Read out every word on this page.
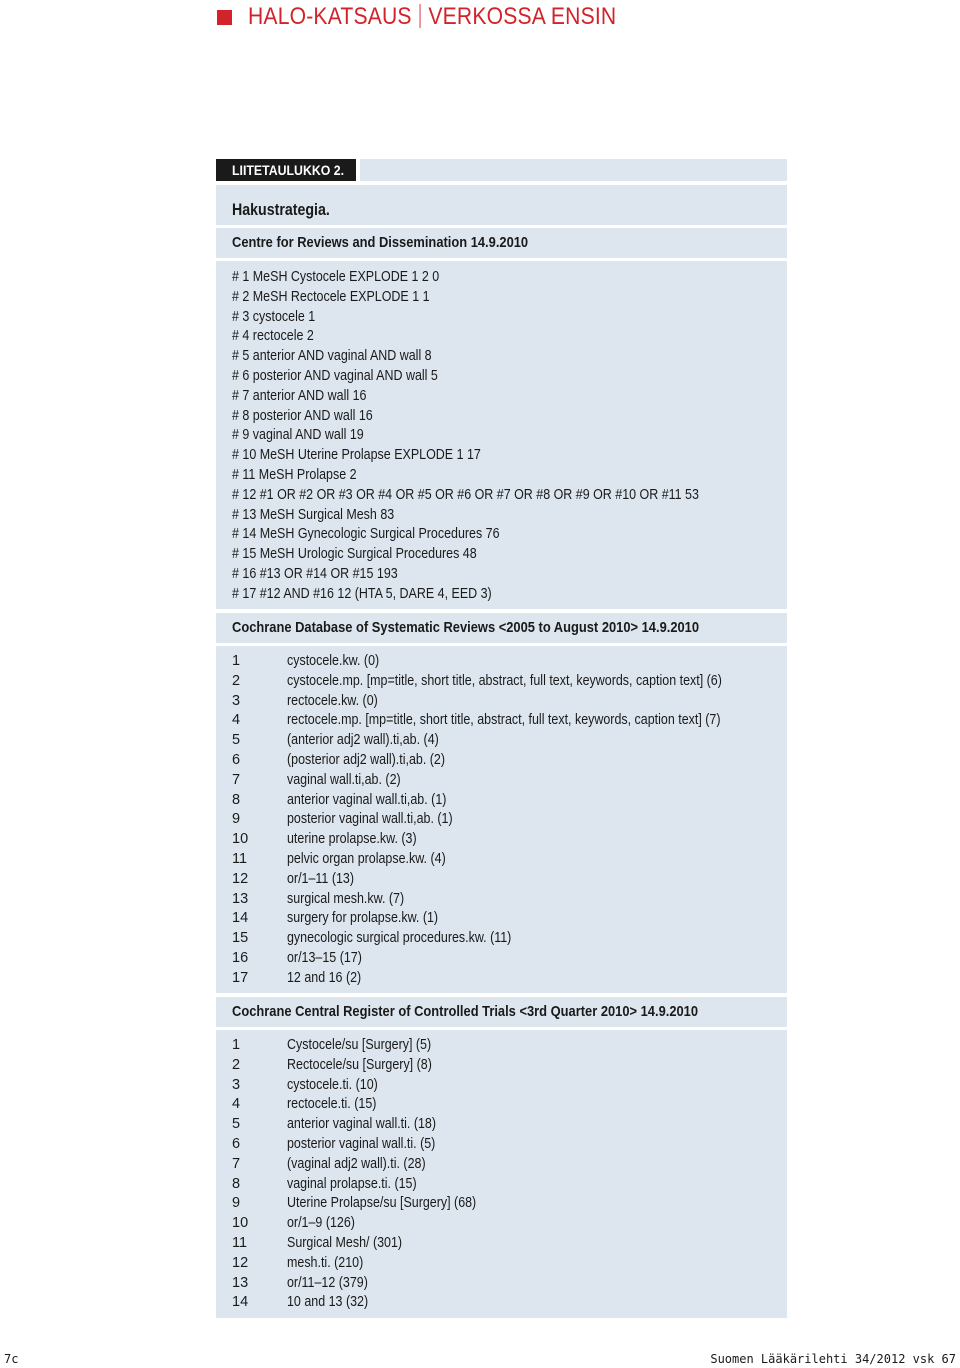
HALO-KATSAUS VERKOSSA ENSIN
LIITETAULUKKO 2.
Hakustrategia.
Centre for Reviews and Dissemination 14.9.2010
# 1 MeSH Cystocele EXPLODE 1 2 0
# 2 MeSH Rectocele EXPLODE 1 1
# 3 cystocele 1
# 4 rectocele 2
# 5 anterior AND vaginal AND wall 8
# 6 posterior AND vaginal AND wall 5
# 7 anterior AND wall 16
# 8 posterior AND wall 16
# 9 vaginal AND wall 19
# 10 MeSH Uterine Prolapse EXPLODE 1 17
# 11 MeSH Prolapse 2
# 12 #1 OR #2 OR #3 OR #4 OR #5 OR #6 OR #7 OR #8 OR #9 OR #10 OR #11 53
# 13 MeSH Surgical Mesh 83
# 14 MeSH Gynecologic Surgical Procedures 76
# 15 MeSH Urologic Surgical Procedures 48
# 16 #13 OR #14 OR #15 193
# 17 #12 AND #16 12 (HTA 5, DARE 4, EED 3)
Cochrane Database of Systematic Reviews <2005 to August 2010> 14.9.2010
1	cystocele.kw. (0)
2	cystocele.mp. [mp=title, short title, abstract, full text, keywords, caption text] (6)
3	rectocele.kw. (0)
4	rectocele.mp. [mp=title, short title, abstract, full text, keywords, caption text] (7)
5	(anterior adj2 wall).ti,ab. (4)
6	(posterior adj2 wall).ti,ab. (2)
7	vaginal wall.ti,ab. (2)
8	anterior vaginal wall.ti,ab. (1)
9	posterior vaginal wall.ti,ab. (1)
10	uterine prolapse.kw. (3)
11	pelvic organ prolapse.kw. (4)
12	or/1–11 (13)
13	surgical mesh.kw. (7)
14	surgery for prolapse.kw. (1)
15	gynecologic surgical procedures.kw. (11)
16	or/13–15 (17)
17	12 and 16 (2)
Cochrane Central Register of Controlled Trials <3rd Quarter 2010> 14.9.2010
1	Cystocele/su [Surgery] (5)
2	Rectocele/su [Surgery] (8)
3	cystocele.ti. (10)
4	rectocele.ti. (15)
5	anterior vaginal wall.ti. (18)
6	posterior vaginal wall.ti. (5)
7	(vaginal adj2 wall).ti. (28)
8	vaginal prolapse.ti. (15)
9	Uterine Prolapse/su [Surgery] (68)
10	or/1–9 (126)
11	Surgical Mesh/ (301)
12	mesh.ti. (210)
13	or/11–12 (379)
14	10 and 13 (32)
7c	Suomen Lääkärilehti 34/2012 vsk 67
